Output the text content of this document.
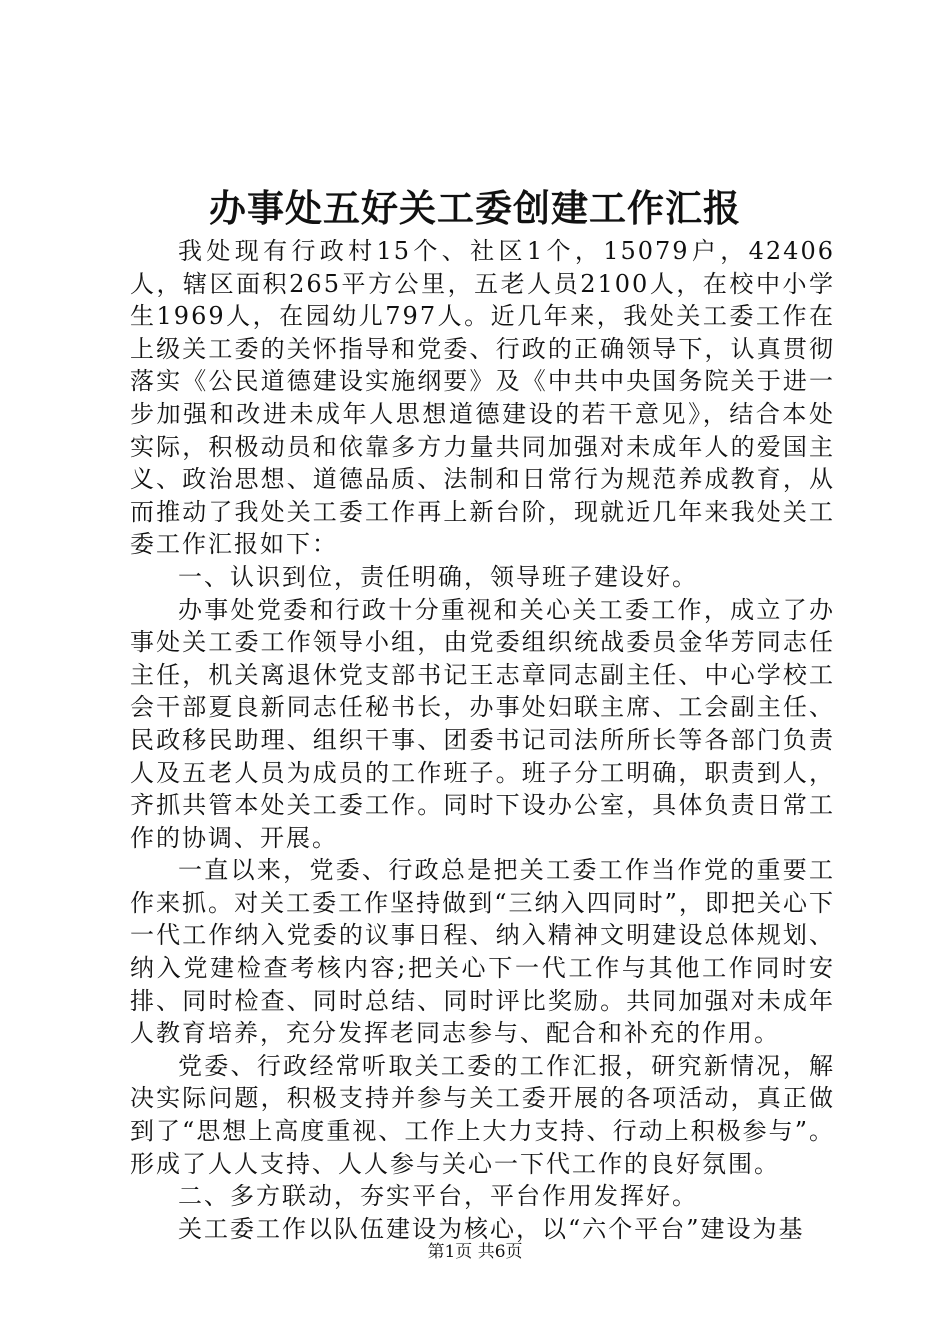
办事处五好关工委创建工作汇报

我处现有行政村15个、社区1个，15079户，42406人，辖区面积265平方公里，五老人员2100人，在校中小学生1969人，在园幼儿797人。近几年来，我处关工委工作在上级关工委的关怀指导和党委、行政的正确领导下，认真贯彻落实《公民道德建设实施纲要》及《中共中央国务院关于进一步加强和改进未成年人思想道德建设的若干意见》，结合本处实际，积极动员和依靠多方力量共同加强对未成年人的爱国主义、政治思想、道德品质、法制和日常行为规范养成教育，从而推动了我处关工委工作再上新台阶，现就近几年来我处关工委工作汇报如下：

一、认识到位，责任明确，领导班子建设好。

办事处党委和行政十分重视和关心关工委工作，成立了办事处关工委工作领导小组，由党委组织统战委员金华芳同志任主任，机关离退休党支部书记王志章同志副主任、中心学校工会干部夏良新同志任秘书长，办事处妇联主席、工会副主任、民政移民助理、组织干事、团委书记司法所所长等各部门负责人及五老人员为成员的工作班子。班子分工明确，职责到人，齐抓共管本处关工委工作。同时下设办公室，具体负责日常工作的协调、开展。

一直以来，党委、行政总是把关工委工作当作党的重要工作来抓。对关工委工作坚持做到“三纳入四同时”，即把关心下一代工作纳入党委的议事日程、纳入精神文明建设总体规划、纳入党建检查考核内容;把关心下一代工作与其他工作同时安排、同时检查、同时总结、同时评比奖励。共同加强对未成年人教育培养，充分发挥老同志参与、配合和补充的作用。

党委、行政经常听取关工委的工作汇报，研究新情况，解决实际问题，积极支持并参与关工委开展的各项活动，真正做到了“思想上高度重视、工作上大力支持、行动上积极参与”。形成了人人支持、人人参与关心一下代工作的良好氛围。

二、多方联动，夯实平台，平台作用发挥好。

关工委工作以队伍建设为核心，以“六个平台”建设为基

第1页 共6页
